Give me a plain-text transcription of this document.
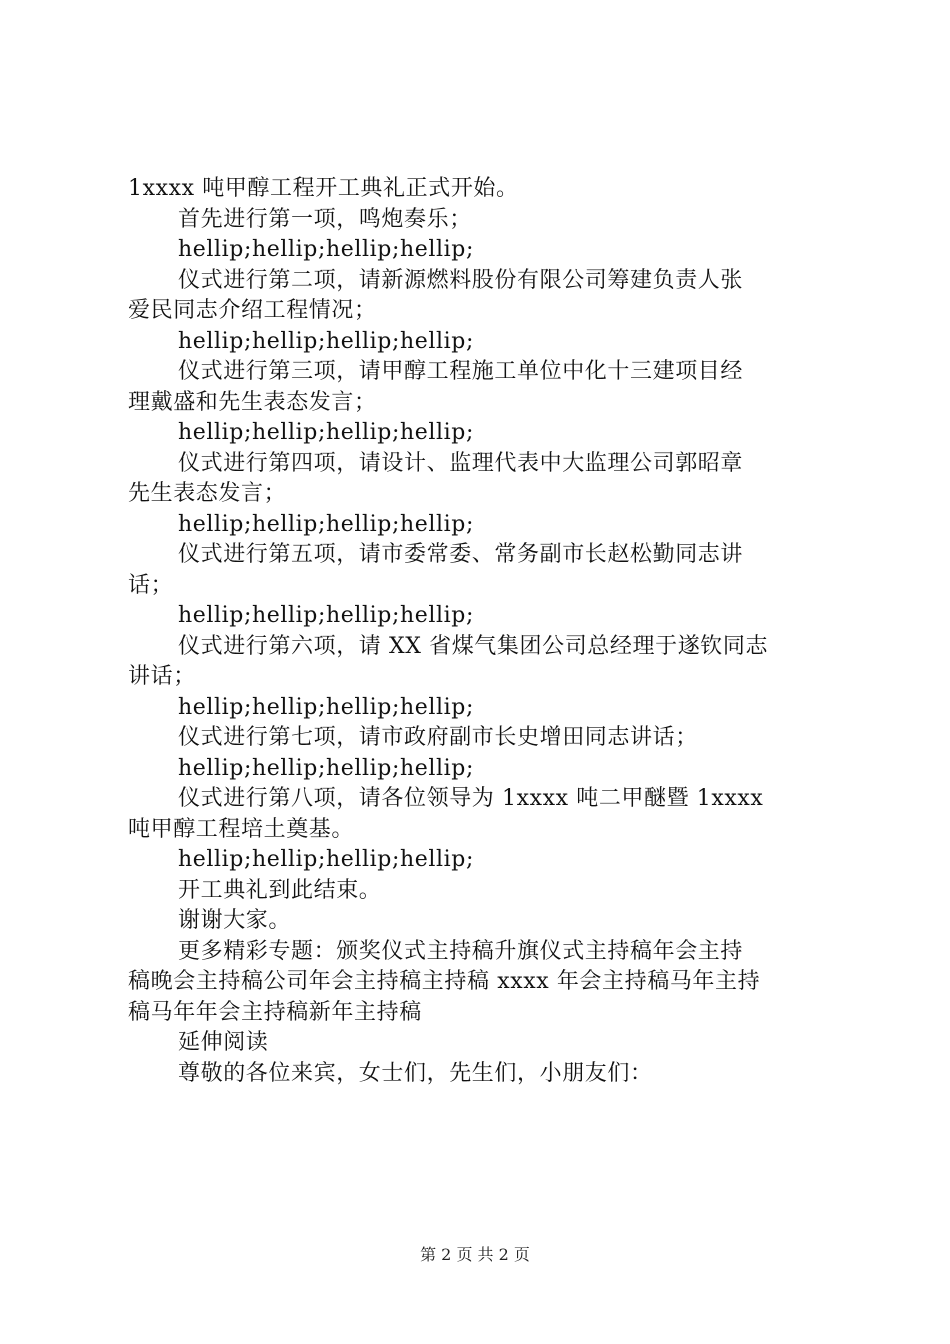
1xxxx 吨甲醇工程开工典礼正式开始。
首先进行第一项，鸣炮奏乐；
hellip;hellip;hellip;hellip;
仪式进行第二项，请新源燃料股份有限公司筹建负责人张
爱民同志介绍工程情况；
hellip;hellip;hellip;hellip;
仪式进行第三项，请甲醇工程施工单位中化十三建项目经
理戴盛和先生表态发言；
hellip;hellip;hellip;hellip;
仪式进行第四项，请设计、监理代表中大监理公司郭昭章
先生表态发言；
hellip;hellip;hellip;hellip;
仪式进行第五项，请市委常委、常务副市长赵松勤同志讲
话；
hellip;hellip;hellip;hellip;
仪式进行第六项，请 XX 省煤气集团公司总经理于遂钦同志
讲话；
hellip;hellip;hellip;hellip;
仪式进行第七项，请市政府副市长史增田同志讲话；
hellip;hellip;hellip;hellip;
仪式进行第八项，请各位领导为 1xxxx 吨二甲醚暨 1xxxx
吨甲醇工程培土奠基。
hellip;hellip;hellip;hellip;
开工典礼到此结束。
谢谢大家。
更多精彩专题：颁奖仪式主持稿升旗仪式主持稿年会主持
稿晚会主持稿公司年会主持稿主持稿 xxxx 年会主持稿马年主持
稿马年年会主持稿新年主持稿
延伸阅读
尊敬的各位来宾，女士们，先生们，小朋友们：
第 2 页 共 2 页
